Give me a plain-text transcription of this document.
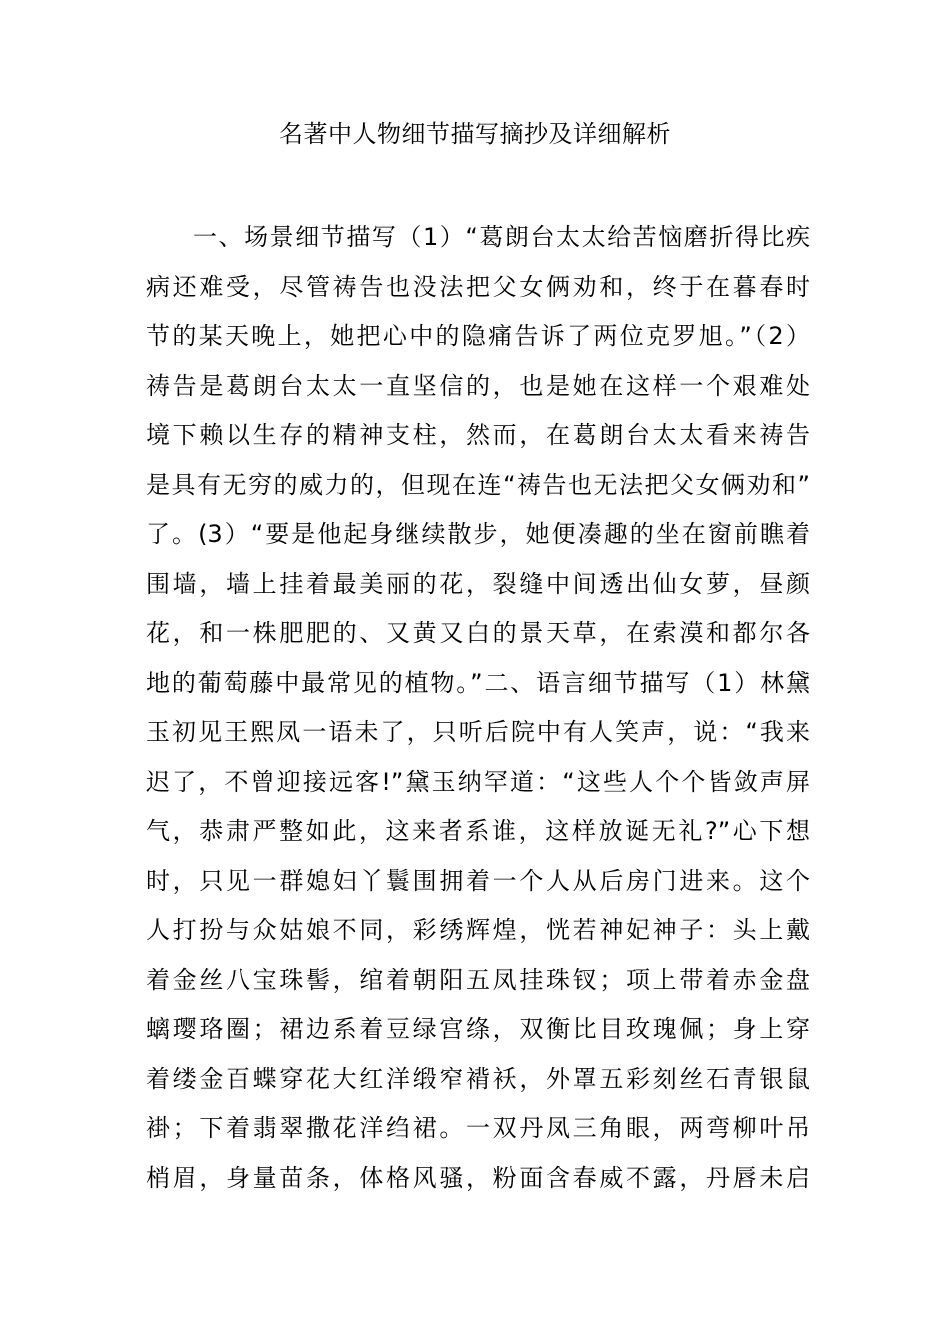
名著中人物细节描写摘抄及详细解析
一、场景细节描写（1）“葛朗台太太给苦恼磨折得比疾
病还难受，尽管祷告也没法把父女俩劝和，终于在暮春时
节的某天晚上，她把心中的隐痛告诉了两位克罗旭。”（2）
祷告是葛朗台太太一直坚信的，也是她在这样一个艰难处
境下赖以生存的精神支柱，然而，在葛朗台太太看来祷告
是具有无穷的威力的，但现在连“祷告也无法把父女俩劝和”
了。(3）“要是他起身继续散步，她便凑趣的坐在窗前瞧着
围墙，墙上挂着最美丽的花，裂缝中间透出仙女萝，昼颜
花，和一株肥肥的、又黄又白的景天草，在索漠和都尔各
地的葡萄藤中最常见的植物。”二、语言细节描写（1）林黛
玉初见王熙凤一语未了，只听后院中有人笑声，说：“我来
迟了，不曾迎接远客!”黛玉纳罕道：“这些人个个皆敛声屏
气，恭肃严整如此，这来者系谁，这样放诞无礼?”心下想
时，只见一群媳妇丫鬟围拥着一个人从后房门进来。这个
人打扮与众姑娘不同，彩绣辉煌，恍若神妃神子：头上戴
着金丝八宝珠髻，绾着朝阳五凤挂珠钗；项上带着赤金盘
螭璎珞圈；裙边系着豆绿宫绦，双衡比目玫瑰佩；身上穿
着缕金百蝶穿花大红洋缎窄褙袄，外罩五彩刻丝石青银鼠
褂；下着翡翠撒花洋绉裙。一双丹凤三角眼，两弯柳叶吊
梢眉，身量苗条，体格风骚，粉面含春威不露，丹唇未启
